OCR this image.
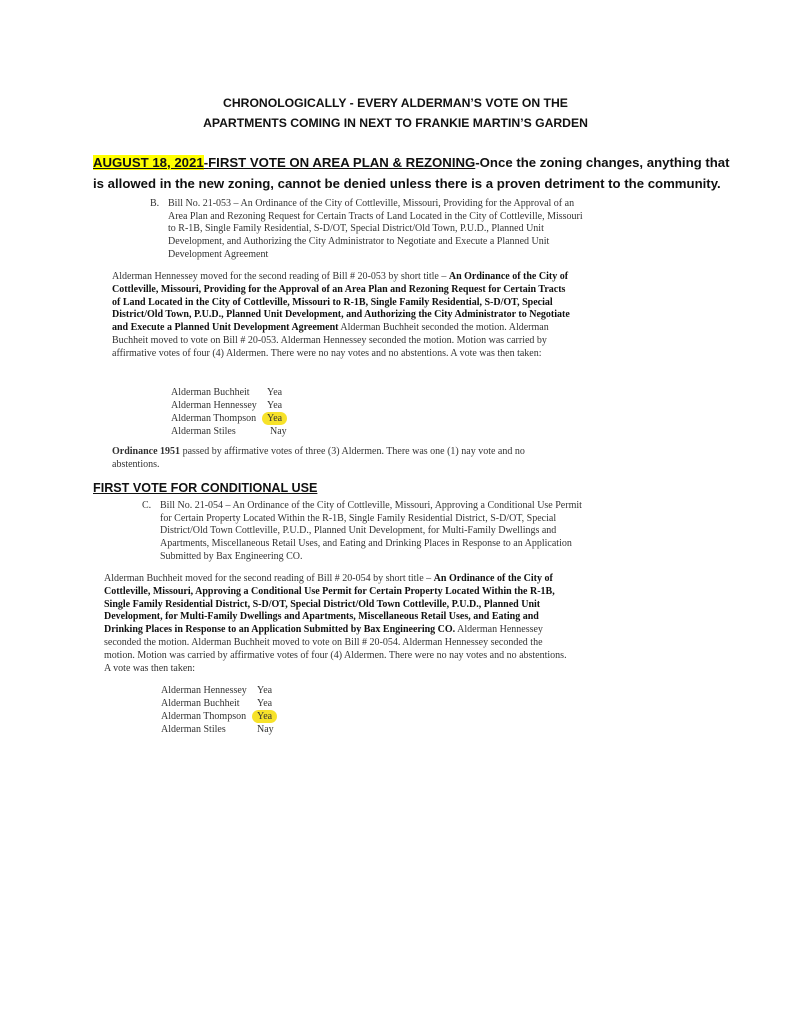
CHRONOLOGICALLY - EVERY ALDERMAN’S VOTE ON THE
APARTMENTS COMING IN NEXT TO FRANKIE MARTIN’S GARDEN
AUGUST 18, 2021-FIRST VOTE ON AREA PLAN & REZONING-Once the zoning changes, anything that is allowed in the new zoning, cannot be denied unless there is a proven detriment to the community.
B. Bill No. 21-053 – An Ordinance of the City of Cottleville, Missouri, Providing for the Approval of an Area Plan and Rezoning Request for Certain Tracts of Land Located in the City of Cottleville, Missouri to R-1B, Single Family Residential, S-D/OT, Special District/Old Town, P.U.D., Planned Unit Development, and Authorizing the City Administrator to Negotiate and Execute a Planned Unit Development Agreement
Alderman Hennessey moved for the second reading of Bill # 20-053 by short title – An Ordinance of the City of Cottleville, Missouri, Providing for the Approval of an Area Plan and Rezoning Request for Certain Tracts of Land Located in the City of Cottleville, Missouri to R-1B, Single Family Residential, S-D/OT, Special District/Old Town, P.U.D., Planned Unit Development, and Authorizing the City Administrator to Negotiate and Execute a Planned Unit Development Agreement Alderman Buchheit seconded the motion. Alderman Buchheit moved to vote on Bill # 20-053. Alderman Hennessey seconded the motion. Motion was carried by affirmative votes of four (4) Aldermen. There were no nay votes and no abstentions. A vote was then taken:
Alderman Buchheit Yea
Alderman Hennessey Yea
Alderman Thompson	Yea
Alderman Stiles	Nay
Ordinance 1951 passed by affirmative votes of three (3) Aldermen. There was one (1) nay vote and no abstentions.
FIRST VOTE FOR CONDITIONAL USE
C. Bill No. 21-054 – An Ordinance of the City of Cottleville, Missouri, Approving a Conditional Use Permit for Certain Property Located Within the R-1B, Single Family Residential District, S-D/OT, Special District/Old Town Cottleville, P.U.D., Planned Unit Development, for Multi-Family Dwellings and Apartments, Miscellaneous Retail Uses, and Eating and Drinking Places in Response to an Application Submitted by Bax Engineering CO.
Alderman Buchheit moved for the second reading of Bill # 20-054 by short title – An Ordinance of the City of Cottleville, Missouri, Approving a Conditional Use Permit for Certain Property Located Within the R-1B, Single Family Residential District, S-D/OT, Special District/Old Town Cottleville, P.U.D., Planned Unit Development, for Multi-Family Dwellings and Apartments, Miscellaneous Retail Uses, and Eating and Drinking Places in Response to an Application Submitted by Bax Engineering CO. Alderman Hennessey seconded the motion. Alderman Buchheit moved to vote on Bill # 20-054. Alderman Hennessey seconded the motion. Motion was carried by affirmative votes of four (4) Aldermen. There were no nay votes and no abstentions. A vote was then taken:
Alderman Hennessey Yea
Alderman Buchheit Yea
Alderman Thompson	Yea
Alderman Stiles	Nay
